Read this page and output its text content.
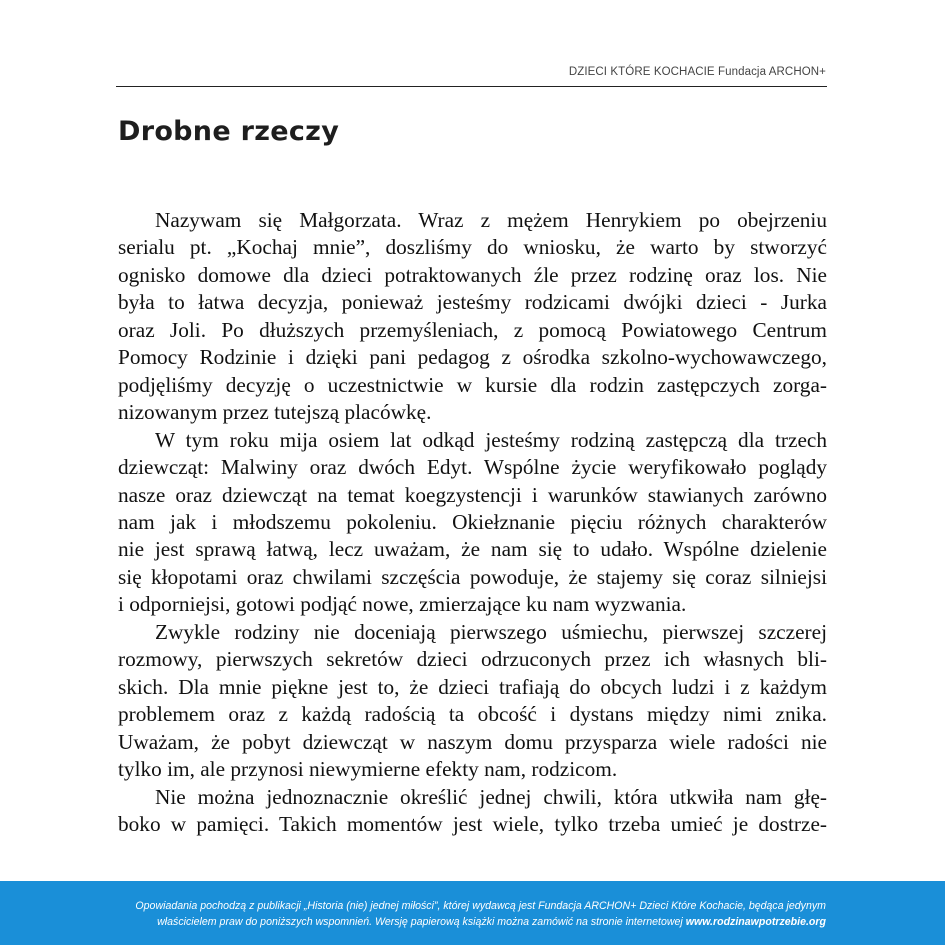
DZIECI KTÓRE KOCHACIE Fundacja ARCHON+
Drobne rzeczy
Nazywam się Małgorzata. Wraz z mężem Henrykiem po obejrzeniu
serialu pt. „Kochaj mnie”, doszliśmy do wniosku, że warto by stworzyć
ognisko domowe dla dzieci potraktowanych źle przez rodzinę oraz los. Nie
była to łatwa decyzja, ponieważ jesteśmy rodzicami dwójki dzieci - Jurka
oraz Joli. Po dłuższych przemyśleniach, z pomocą Powiatowego Centrum
Pomocy Rodzinie i dzięki pani pedagog z ośrodka szkolno-wychowawczego,
podjęliśmy decyzję o uczestnictwie w kursie dla rodzin zastępczych zorga-
nizowanym przez tutejszą placówkę.
W tym roku mija osiem lat odkąd jesteśmy rodziną zastępczą dla trzech
dziewcząt: Malwiny oraz dwóch Edyt. Wspólne życie weryfikowało poglądy
nasze oraz dziewcząt na temat koegzystencji i warunków stawianych zarówno
nam jak i młodszemu pokoleniu. Okiełznanie pięciu różnych charakterów
nie jest sprawą łatwą, lecz uważam, że nam się to udało. Wspólne dzielenie
się kłopotami oraz chwilami szczęścia powoduje, że stajemy się coraz silniejsi
i odporniejsi, gotowi podjąć nowe, zmierzające ku nam wyzwania.
Zwykle rodziny nie doceniają pierwszego uśmiechu, pierwszej szczerej
rozmowy, pierwszych sekretów dzieci odrzuconych przez ich własnych bli-
skich. Dla mnie piękne jest to, że dzieci trafiają do obcych ludzi i z każdym
problemem oraz z każdą radością ta obcość i dystans między nimi znika.
Uważam, że pobyt dziewcząt w naszym domu przysparza wiele radości nie
tylko im, ale przynosi niewymierne efekty nam, rodzicom.
Nie można jednoznacznie określić jednej chwili, która utkwiła nam głę-
boko w pamięci. Takich momentów jest wiele, tylko trzeba umieć je dostrze-
Opowiadania pochodzą z publikacji „Historia (nie) jednej miłości”, której wydawcą jest Fundacja ARCHON+ Dzieci Które Kochacie, będąca jedynym
właścicielem praw do poniższych wspomnień. Wersję papierową książki można zamówić na stronie internetowej www.rodzinawpotrzebie.org
